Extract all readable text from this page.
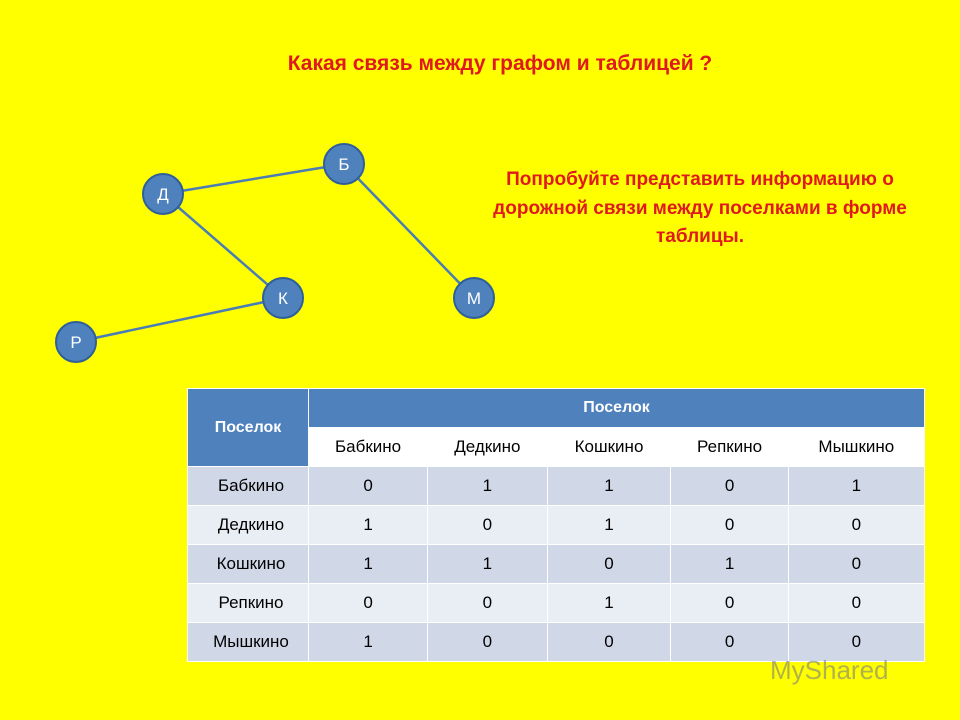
Какая связь между графом и таблицей ?
Попробуйте представить информацию о дорожной связи между поселками в форме таблицы.
Б
Д
К	М
Р
Поселок	Поселок				
	Бабкино	Дедкино	Кошкино	Репкино	Мышкино
Бабкино	0	1	1	0	1
Дедкино	1	0	1	0	0
Кошкино	1	1	0	1	0
Репкино	0	0	1	0	0
Мышкино	1	0	0	0	0
MyShared
